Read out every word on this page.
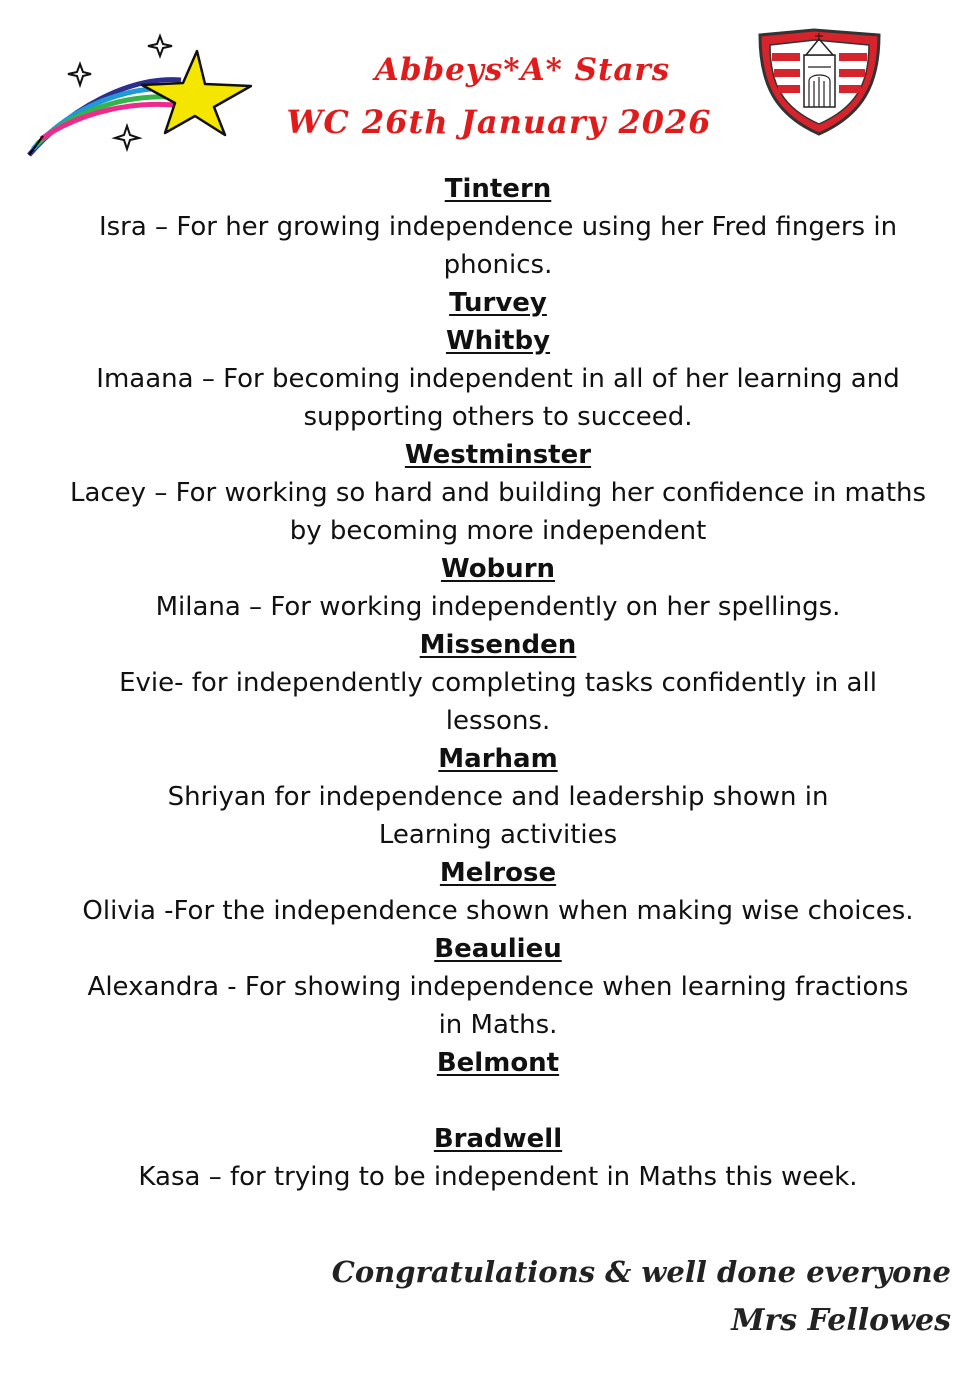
Abbeys*A* Stars
WC 26th January 2026
Tintern
Isra – For her growing independence using her Fred fingers in
phonics.
Turvey
Whitby
Imaana – For becoming independent in all of her learning and
supporting others to succeed.
Westminster
Lacey – For working so hard and building her confidence in maths
by becoming more independent
Woburn
Milana – For working independently on her spellings.
Missenden
Evie- for independently completing tasks confidently in all
lessons.
Marham
Shriyan for independence and leadership shown in
Learning activities
Melrose
Olivia -For the independence shown when making wise choices.
Beaulieu
Alexandra - For showing independence when learning fractions
in Maths.
Belmont
Bradwell
Kasa – for trying to be independent in Maths this week.
Congratulations & well done everyone
Mrs Fellowes
